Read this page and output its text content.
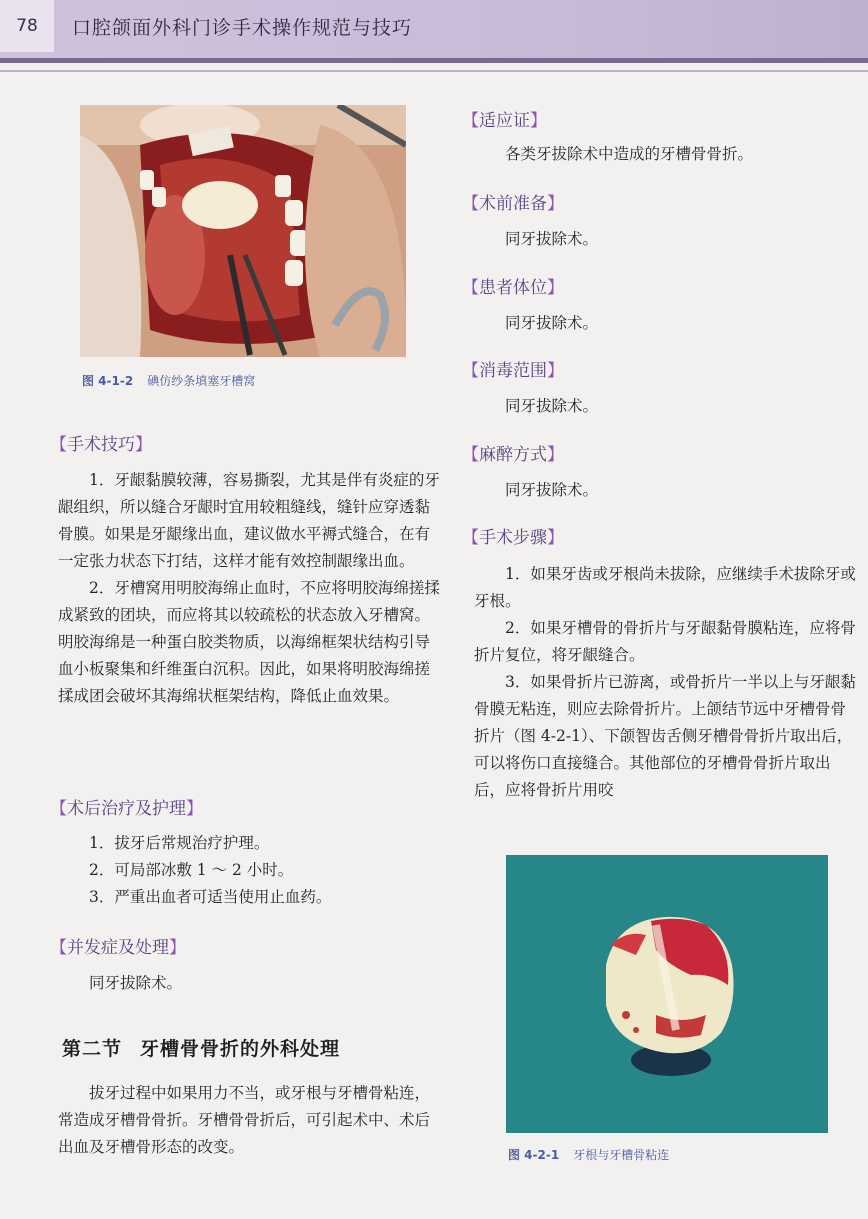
78	口腔颌面外科门诊手术操作规范与技巧
图 4-1-2 碘仿纱条填塞牙槽窝
【手术技巧】

1．牙龈黏膜较薄，容易撕裂，尤其是伴有炎症的牙龈组织，所以缝合牙龈时宜用较粗缝线，缝针应穿透黏骨膜。如果是牙龈缘出血，建议做水平褥式缝合，在有一定张力状态下打结，这样才能有效控制龈缘出血。

2．牙槽窝用明胶海绵止血时，不应将明胶海绵搓揉成紧致的团块，而应将其以较疏松的状态放入牙槽窝。明胶海绵是一种蛋白胶类物质，以海绵框架状结构引导血小板聚集和纤维蛋白沉积。因此，如果将明胶海绵搓揉成团会破坏其海绵状框架结构，降低止血效果。

【术后治疗及护理】

1．拔牙后常规治疗护理。

2．可局部冰敷 1 ～ 2 小时。

3．严重出血者可适当使用止血药。

【并发症及处理】

同牙拔除术。

第二节 牙槽骨骨折的外科处理

拔牙过程中如果用力不当，或牙根与牙槽骨粘连，常造成牙槽骨骨折。牙槽骨骨折后，可引起术中、术后出血及牙槽骨形态的改变。

【适应证】

各类牙拔除术中造成的牙槽骨骨折。

【术前准备】

同牙拔除术。

【患者体位】

同牙拔除术。

【消毒范围】

同牙拔除术。

【麻醉方式】

同牙拔除术。

【手术步骤】

1．如果牙齿或牙根尚未拔除，应继续手术拔除牙或牙根。

2．如果牙槽骨的骨折片与牙龈黏骨膜粘连，应将骨折片复位，将牙龈缝合。

3．如果骨折片已游离，或骨折片一半以上与牙龈黏骨膜无粘连，则应去除骨折片。上颌结节远中牙槽骨骨折片（图 4-2-1）、下颌智齿舌侧牙槽骨骨折片取出后，可以将伤口直接缝合。其他部位的牙槽骨骨折片取出后，应将骨折片用咬

图 4-2-1 牙根与牙槽骨粘连
